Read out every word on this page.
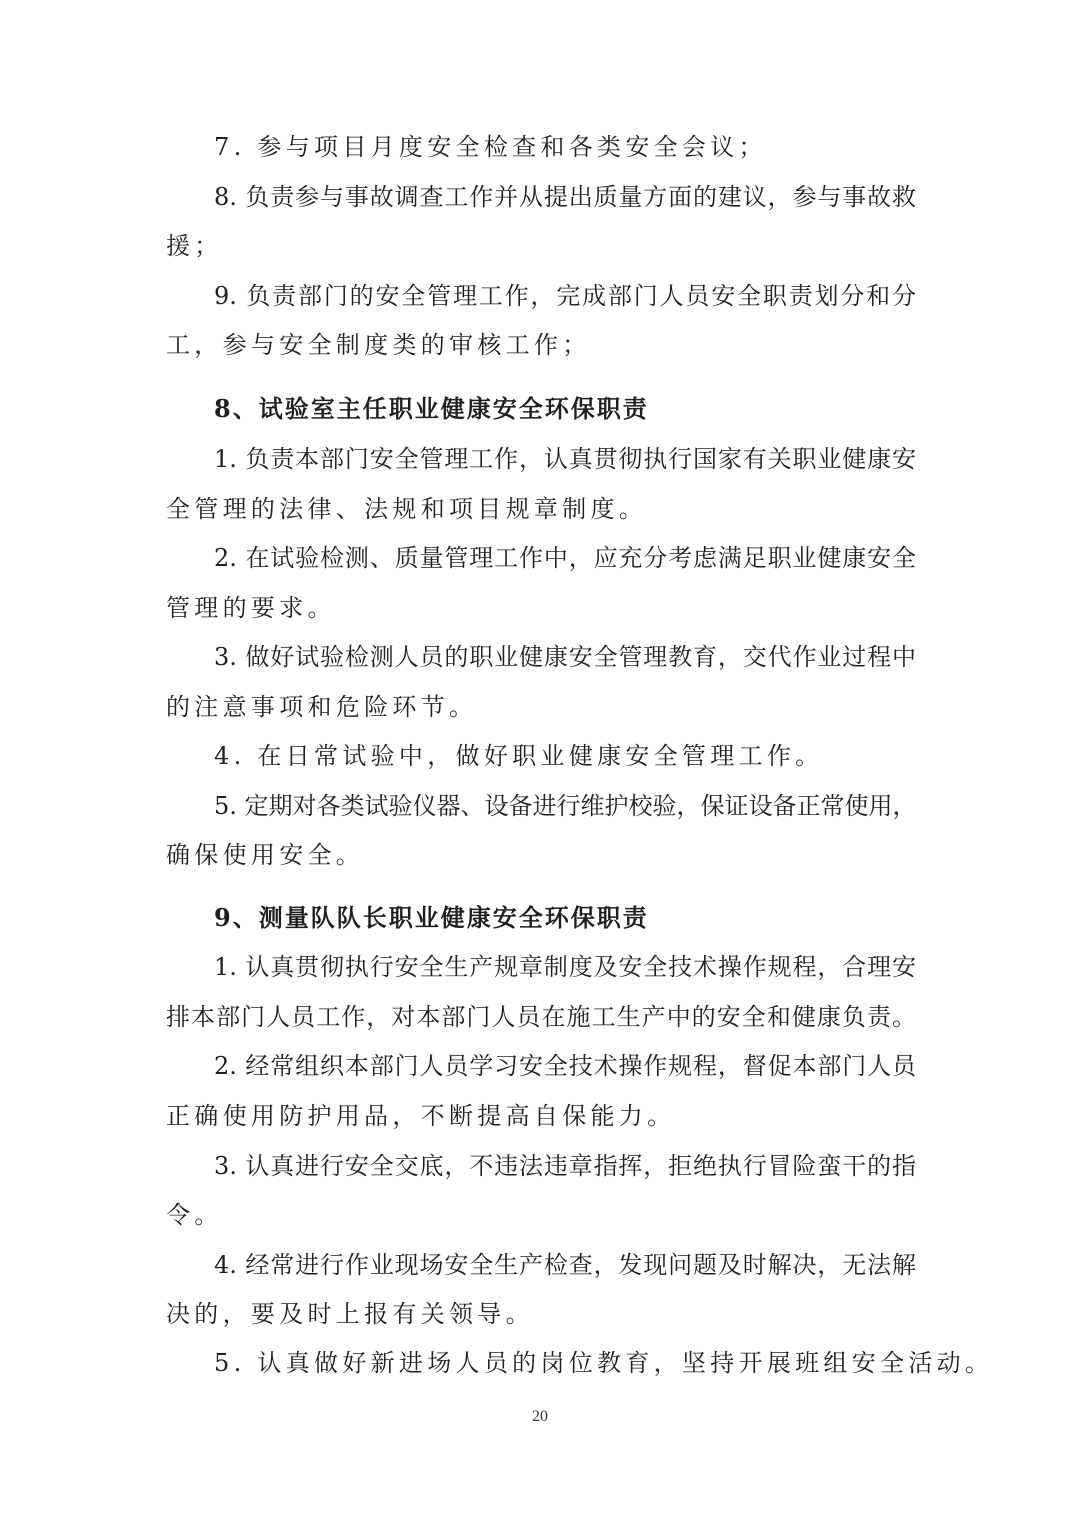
7. 参与项目月度安全检查和各类安全会议；
8. 负责参与事故调查工作并从提出质量方面的建议，参与事故救
援；
9. 负责部门的安全管理工作，完成部门人员安全职责划分和分
工，参与安全制度类的审核工作；
8、试验室主任职业健康安全环保职责
1. 负责本部门安全管理工作，认真贯彻执行国家有关职业健康安
全管理的法律、法规和项目规章制度。
2. 在试验检测、质量管理工作中，应充分考虑满足职业健康安全
管理的要求。
3. 做好试验检测人员的职业健康安全管理教育，交代作业过程中
的注意事项和危险环节。
4. 在日常试验中，做好职业健康安全管理工作。
5. 定期对各类试验仪器、设备进行维护校验，保证设备正常使用，
确保使用安全。
9、测量队队长职业健康安全环保职责
1. 认真贯彻执行安全生产规章制度及安全技术操作规程，合理安
排本部门人员工作，对本部门人员在施工生产中的安全和健康负责。
2. 经常组织本部门人员学习安全技术操作规程，督促本部门人员
正确使用防护用品，不断提高自保能力。
3. 认真进行安全交底，不违法违章指挥，拒绝执行冒险蛮干的指
令。
4. 经常进行作业现场安全生产检查，发现问题及时解决，无法解
决的，要及时上报有关领导。
5. 认真做好新进场人员的岗位教育，坚持开展班组安全活动。
20
